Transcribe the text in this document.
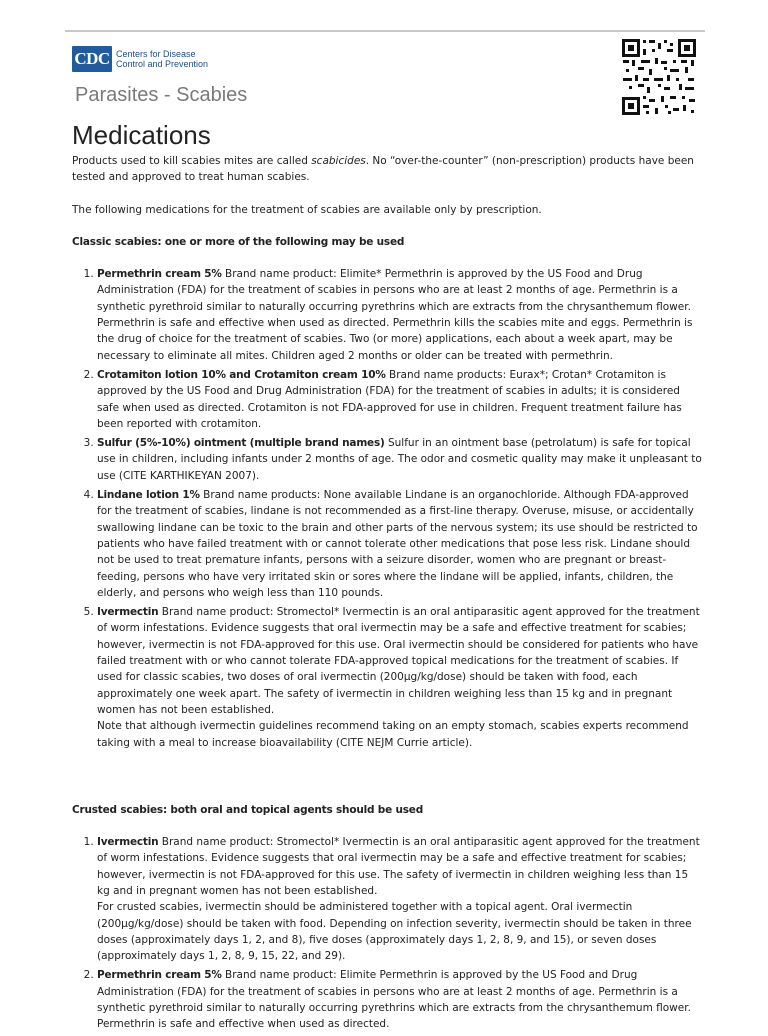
CDC Centers for Disease
Control and Prevention
Parasites - Scabies
Medications

Products used to kill scabies mites are called scabicides. No “over-the-counter” (non-prescription) products have been tested and approved to treat human scabies.

The following medications for the treatment of scabies are available only by prescription.

Classic scabies: one or more of the following may be used

1. Permethrin cream 5% Brand name product: Elimite* Permethrin is approved by the US Food and Drug Administration (FDA) for the treatment of scabies in persons who are at least 2 months of age. Permethrin is a synthetic pyrethroid similar to naturally occurring pyrethrins which are extracts from the chrysanthemum flower. Permethrin is safe and effective when used as directed. Permethrin kills the scabies mite and eggs. Permethrin is the drug of choice for the treatment of scabies. Two (or more) applications, each about a week apart, may be necessary to eliminate all mites. Children aged 2 months or older can be treated with permethrin.
2. Crotamiton lotion 10% and Crotamiton cream 10% Brand name products: Eurax*; Crotan* Crotamiton is approved by the US Food and Drug Administration (FDA) for the treatment of scabies in adults; it is considered safe when used as directed. Crotamiton is not FDA-approved for use in children. Frequent treatment failure has been reported with crotamiton.
3. Sulfur (5%-10%) ointment (multiple brand names) Sulfur in an ointment base (petrolatum) is safe for topical use in children, including infants under 2 months of age. The odor and cosmetic quality may make it unpleasant to use (CITE KARTHIKEYAN 2007).
4. Lindane lotion 1% Brand name products: None available Lindane is an organochloride. Although FDA-approved for the treatment of scabies, lindane is not recommended as a first-line therapy. Overuse, misuse, or accidentally swallowing lindane can be toxic to the brain and other parts of the nervous system; its use should be restricted to patients who have failed treatment with or cannot tolerate other medications that pose less risk. Lindane should not be used to treat premature infants, persons with a seizure disorder, women who are pregnant or breast-feeding, persons who have very irritated skin or sores where the lindane will be applied, infants, children, the elderly, and persons who weigh less than 110 pounds.
5. Ivermectin Brand name product: Stromectol* Ivermectin is an oral antiparasitic agent approved for the treatment of worm infestations. Evidence suggests that oral ivermectin may be a safe and effective treatment for scabies; however, ivermectin is not FDA-approved for this use. Oral ivermectin should be considered for patients who have failed treatment with or who cannot tolerate FDA-approved topical medications for the treatment of scabies. If used for classic scabies, two doses of oral ivermectin (200µg/kg/dose) should be taken with food, each approximately one week apart. The safety of ivermectin in children weighing less than 15 kg and in pregnant women has not been established.
Note that although ivermectin guidelines recommend taking on an empty stomach, scabies experts recommend taking with a meal to increase bioavailability (CITE NEJM Currie article).

Crusted scabies: both oral and topical agents should be used

1. Ivermectin Brand name product: Stromectol* Ivermectin is an oral antiparasitic agent approved for the treatment of worm infestations. Evidence suggests that oral ivermectin may be a safe and effective treatment for scabies; however, ivermectin is not FDA-approved for this use. The safety of ivermectin in children weighing less than 15 kg and in pregnant women has not been established.
For crusted scabies, ivermectin should be administered together with a topical agent. Oral ivermectin (200µg/kg/dose) should be taken with food. Depending on infection severity, ivermectin should be taken in three doses (approximately days 1, 2, and 8), five doses (approximately days 1, 2, 8, 9, and 15), or seven doses (approximately days 1, 2, 8, 9, 15, 22, and 29).
2. Permethrin cream 5% Brand name product: Elimite Permethrin is approved by the US Food and Drug Administration (FDA) for the treatment of scabies in persons who are at least 2 months of age. Permethrin is a synthetic pyrethroid similar to naturally occurring pyrethrins which are extracts from the chrysanthemum flower. Permethrin is safe and effective when used as directed.
